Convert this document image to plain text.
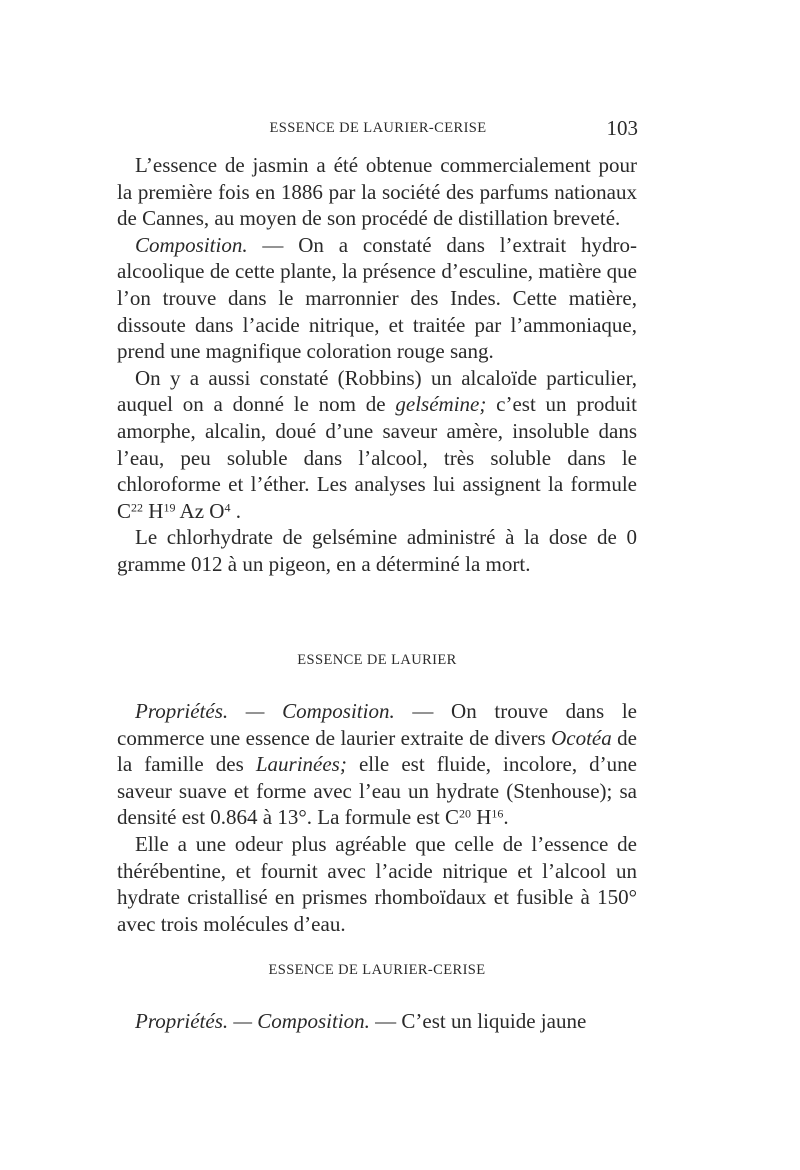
ESSENCE DE LAURIER-CERISE	103

L’essence de jasmin a été obtenue commercialement pour la première fois en 1886 par la société des parfums nationaux de Cannes, au moyen de son procédé de distillation breveté.

Composition. — On a constaté dans l’extrait hydro-alcoolique de cette plante, la présence d’esculine, matière que l’on trouve dans le marronnier des Indes. Cette matière, dissoute dans l’acide nitrique, et traitée par l’ammoniaque, prend une magnifique coloration rouge sang.

On y a aussi constaté (Robbins) un alcaloïde particulier, auquel on a donné le nom de gelsémine; c’est un produit amorphe, alcalin, doué d’une saveur amère, insoluble dans l’eau, peu soluble dans l’alcool, très soluble dans le chloroforme et l’éther. Les analyses lui assignent la formule $C^{22}$ $H^{19}$ Az $O^4$ .

Le chlorhydrate de gelsémine administré à la dose de 0 gramme 012 à un pigeon, en a déterminé la mort.

ESSENCE DE LAURIER

Propriétés. — Composition. — On trouve dans le commerce une essence de laurier extraite de divers Ocotéa de la famille des Laurinées; elle est fluide, incolore, d’une saveur suave et forme avec l’eau un hydrate (Stenhouse); sa densité est 0.864 à 13°. La formule est $C^{20}$ $H^{16}$.

Elle a une odeur plus agréable que celle de l’essence de thérébentine, et fournit avec l’acide nitrique et l’alcool un hydrate cristallisé en prismes rhomboïdaux et fusible à 150° avec trois molécules d’eau.

ESSENCE DE LAURIER-CERISE

Propriétés. — Composition. — C’est un liquide jaune
